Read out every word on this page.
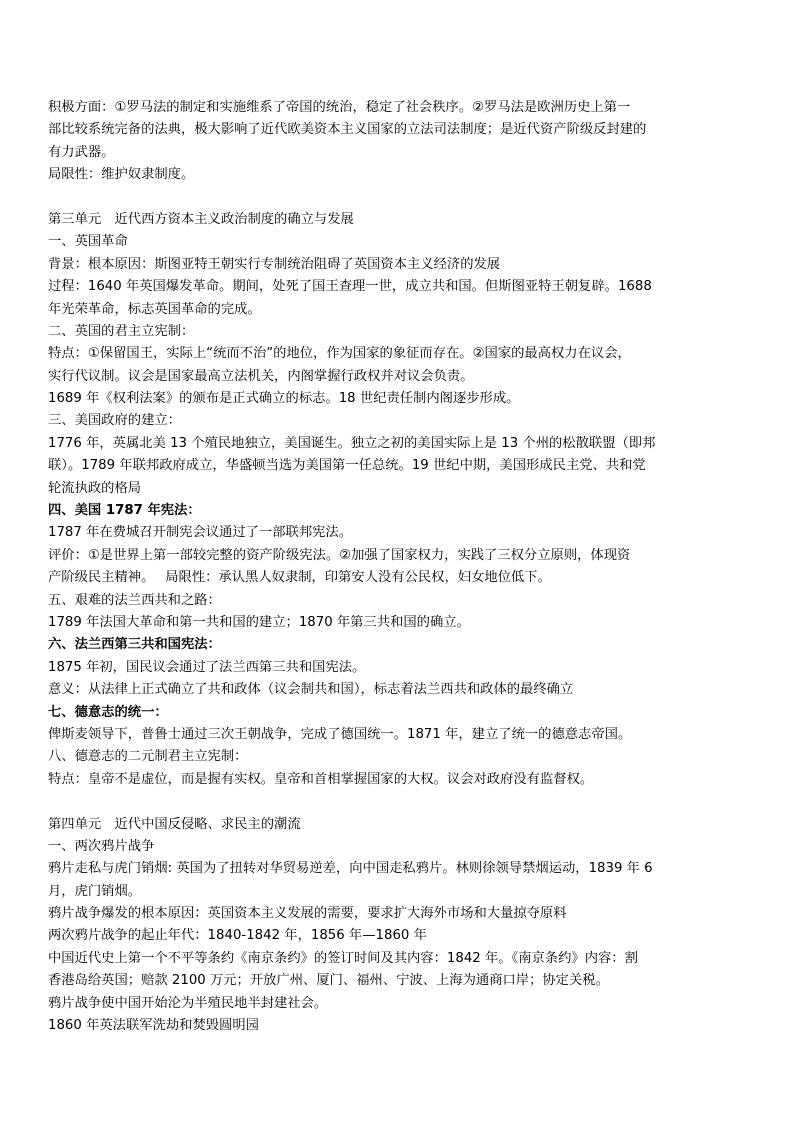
积极方面：①罗马法的制定和实施维系了帝国的统治，稳定了社会秩序。②罗马法是欧洲历史上第一
部比较系统完备的法典，极大影响了近代欧美资本主义国家的立法司法制度；是近代资产阶级反封建的
有力武器。
局限性：维护奴隶制度。
第三单元　近代西方资本主义政治制度的确立与发展
一、英国革命
背景：根本原因：斯图亚特王朝实行专制统治阻碍了英国资本主义经济的发展
过程：1640 年英国爆发革命。期间，处死了国王查理一世，成立共和国。但斯图亚特王朝复辟。1688
年光荣革命，标志英国革命的完成。
二、英国的君主立宪制：
特点：①保留国王，实际上“统而不治”的地位，作为国家的象征而存在。②国家的最高权力在议会，
实行代议制。议会是国家最高立法机关，内阁掌握行政权并对议会负责。
1689 年《权利法案》的颁布是正式确立的标志。18 世纪责任制内阁逐步形成。
三、美国政府的建立：
1776 年，英属北美 13 个殖民地独立，美国诞生。独立之初的美国实际上是 13 个州的松散联盟（即邦
联）。1789 年联邦政府成立，华盛顿当选为美国第一任总统。19 世纪中期，美国形成民主党、共和党
轮流执政的格局
四、美国 1787 年宪法：
1787 年在费城召开制宪会议通过了一部联邦宪法。
评价：①是世界上第一部较完整的资产阶级宪法。②加强了国家权力，实践了三权分立原则，体现资
产阶级民主精神。　 局限性：承认黑人奴隶制，印第安人没有公民权，妇女地位低下。
五、艰难的法兰西共和之路：
1789 年法国大革命和第一共和国的建立；1870 年第三共和国的确立。
六、法兰西第三共和国宪法：
1875 年初，国民议会通过了法兰西第三共和国宪法。
意义：从法律上正式确立了共和政体（议会制共和国），标志着法兰西共和政体的最终确立
七、德意志的统一：
俾斯麦领导下，普鲁士通过三次王朝战争，完成了德国统一。1871 年，建立了统一的德意志帝国。
八、德意志的二元制君主立宪制：
特点：皇帝不是虚位，而是握有实权。皇帝和首相掌握国家的大权。议会对政府没有监督权。
第四单元　近代中国反侵略、求民主的潮流
一、两次鸦片战争
鸦片走私与虎门销烟: 英国为了扭转对华贸易逆差，向中国走私鸦片。林则徐领导禁烟运动，1839 年 6
月，虎门销烟。
鸦片战争爆发的根本原因：英国资本主义发展的需要，要求扩大海外市场和大量掠夺原料
两次鸦片战争的起止年代：1840-1842 年，1856 年—1860 年
中国近代史上第一个不平等条约《南京条约》的签订时间及其内容：1842 年。《南京条约》内容：割
香港岛给英国；赔款 2100 万元；开放广州、厦门、福州、宁波、上海为通商口岸；协定关税。
鸦片战争使中国开始沦为半殖民地半封建社会。
1860 年英法联军洗劫和焚毁圆明园
